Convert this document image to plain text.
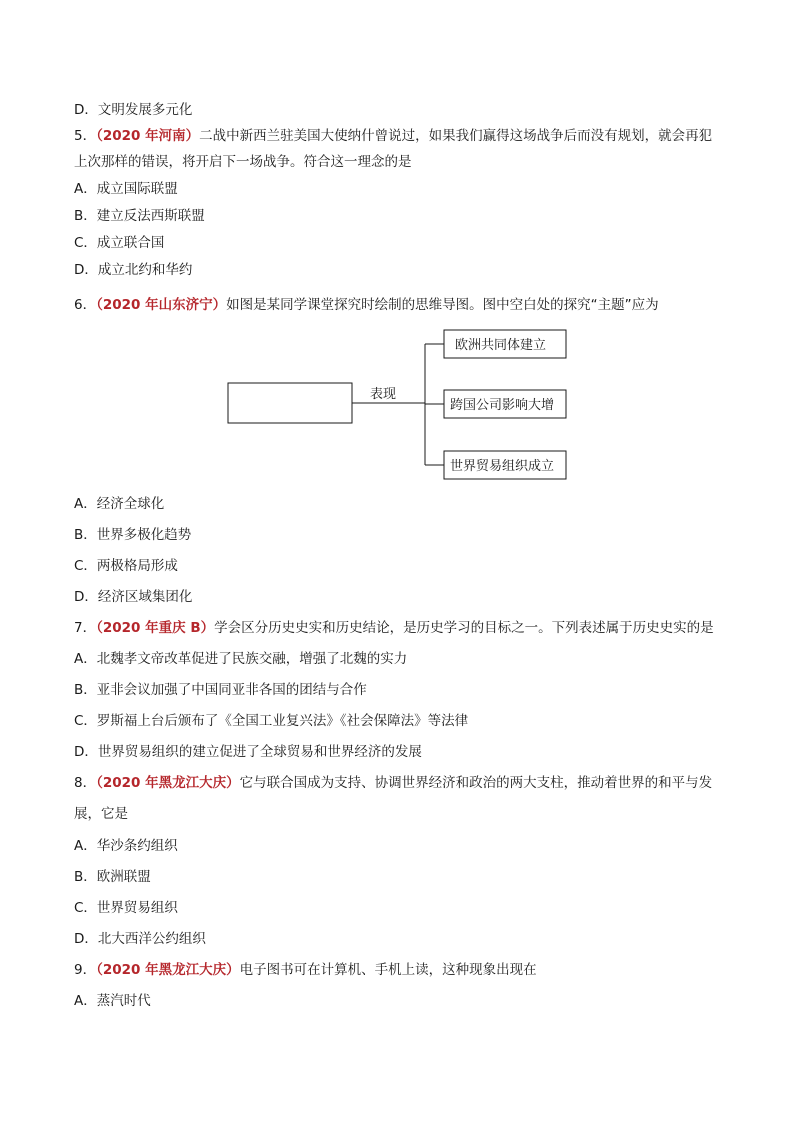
D．文明发展多元化
5．（2020 年河南）二战中新西兰驻美国大使纳什曾说过，如果我们赢得这场战争后而没有规划，就会再犯
上次那样的错误，将开启下一场战争。符合这一理念的是
A．成立国际联盟
B．建立反法西斯联盟
C．成立联合国
D．成立北约和华约
6．（2020 年山东济宁）如图是某同学课堂探究时绘制的思维导图。图中空白处的探究“主题”应为
表现
欧洲共同体建立
跨国公司影响大增
世界贸易组织成立
A．经济全球化
B．世界多极化趋势
C．两极格局形成
D．经济区域集团化
7．（2020 年重庆 B）学会区分历史史实和历史结论，是历史学习的目标之一。下列表述属于历史史实的是
A．北魏孝文帝改革促进了民族交融，增强了北魏的实力
B．亚非会议加强了中国同亚非各国的团结与合作
C．罗斯福上台后颁布了《全国工业复兴法》《社会保障法》等法律
D．世界贸易组织的建立促进了全球贸易和世界经济的发展
8．（2020 年黑龙江大庆）它与联合国成为支持、协调世界经济和政治的两大支柱，推动着世界的和平与发
展，它是
A．华沙条约组织
B．欧洲联盟
C．世界贸易组织
D．北大西洋公约组织
9．（2020 年黑龙江大庆）电子图书可在计算机、手机上读，这种现象出现在
A．蒸汽时代
